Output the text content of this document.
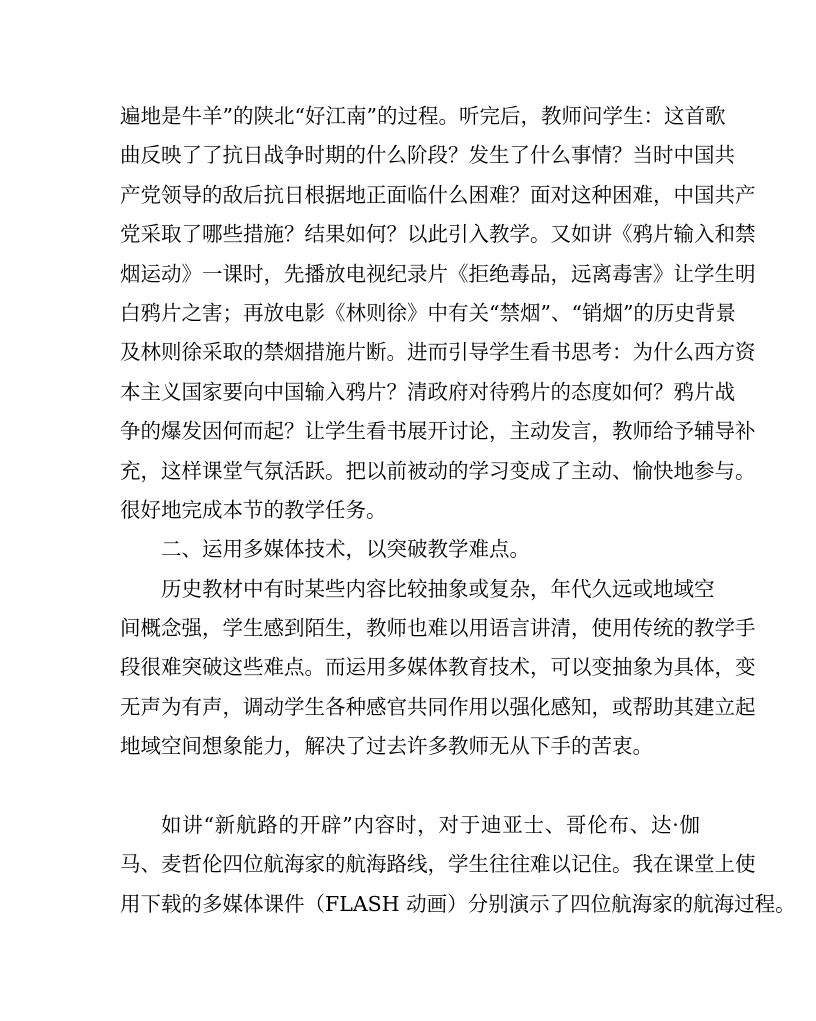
遍地是牛羊”的陕北“好江南”的过程。听完后，教师问学生：这首歌
曲反映了了抗日战争时期的什么阶段？发生了什么事情？当时中国共
产党领导的敌后抗日根据地正面临什么困难？面对这种困难，中国共产
党采取了哪些措施？结果如何？以此引入教学。又如讲《鸦片输入和禁
烟运动》一课时，先播放电视纪录片《拒绝毒品，远离毒害》让学生明
白鸦片之害；再放电影《林则徐》中有关“禁烟”、“销烟”的历史背景
及林则徐采取的禁烟措施片断。进而引导学生看书思考：为什么西方资
本主义国家要向中国输入鸦片？清政府对待鸦片的态度如何？鸦片战
争的爆发因何而起？让学生看书展开讨论，主动发言，教师给予辅导补
充，这样课堂气氛活跃。把以前被动的学习变成了主动、愉快地参与。
很好地完成本节的教学任务。
二、运用多媒体技术，以突破教学难点。
历史教材中有时某些内容比较抽象或复杂，年代久远或地域空
间概念强，学生感到陌生，教师也难以用语言讲清，使用传统的教学手
段很难突破这些难点。而运用多媒体教育技术，可以变抽象为具体，变
无声为有声，调动学生各种感官共同作用以强化感知，或帮助其建立起
地域空间想象能力，解决了过去许多教师无从下手的苦衷。
如讲“新航路的开辟”内容时，对于迪亚士、哥伦布、达·伽
马、麦哲伦四位航海家的航海路线，学生往往难以记住。我在课堂上使
用下载的多媒体课件（FLASH 动画）分别演示了四位航海家的航海过程。
